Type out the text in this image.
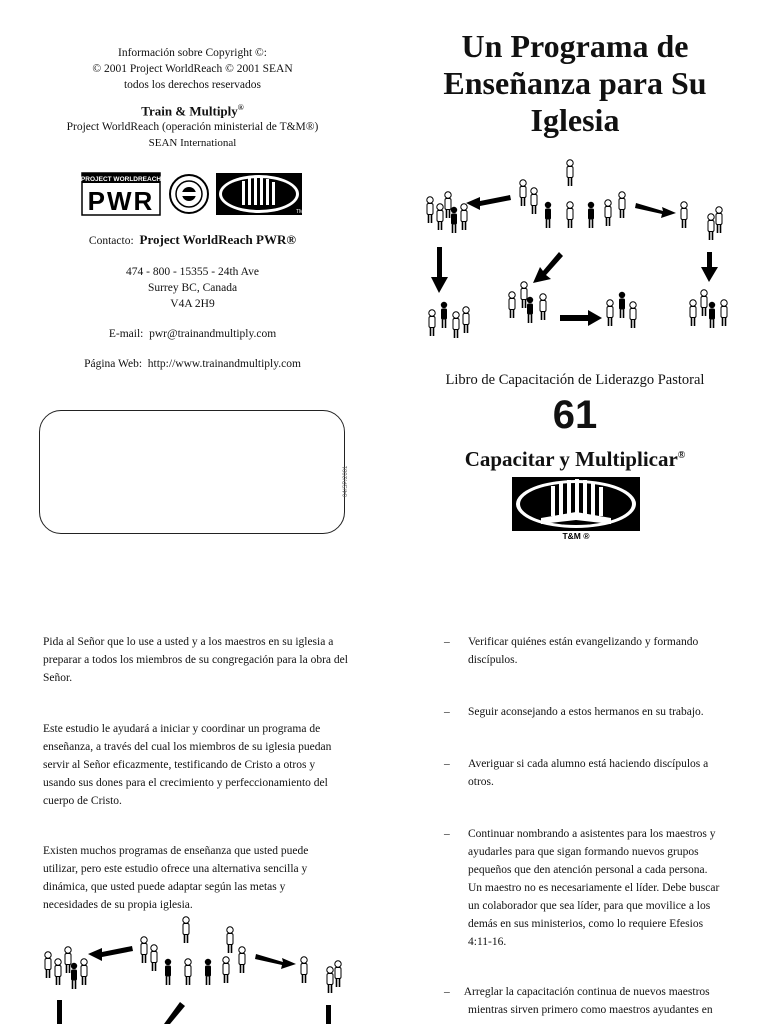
Información sobre Copyright ©:
© 2001 Project WorldReach © 2001 SEAN
todos los derechos reservados
Train & Multiply®
Project WorldReach (operación ministerial de T&M®)
SEAN International
PROJECT WORLDREACH
PWR	TM
Contacto: Project WorldReach PWR®
474 - 800 - 15355 - 24th Ave
Surrey BC, Canada
V4A 2H9
E-mail: pwr@trainandmultiply.com
Página Web: http://www.trainandmultiply.com
04/SP/2001
Un Programa de
Enseñanza para Su
Iglesia
Libro de Capacitación de Liderazgo Pastoral
61
Capacitar y Multiplicar®
T&M ®
Pida al Señor que lo use a usted y a los maestros en su iglesia a preparar a todos los miembros de su congregación para la obra del Señor.
Este estudio le ayudará a iniciar y coordinar un programa de enseñanza, a través del cual los miembros de su iglesia puedan servir al Señor eficazmente, testificando de Cristo a otros y usando sus dones para el crecimiento y perfeccionamiento del cuerpo de Cristo.
Existen muchos programas de enseñanza que usted puede utilizar, pero este estudio ofrece una alternativa sencilla y dinámica, que usted puede adaptar según las metas y necesidades de su propia iglesia.
– Verificar quiénes están evangelizando y formando discípulos.
– Seguir aconsejando a estos hermanos en su trabajo.
– Averiguar si cada alumno está haciendo discípulos a otros.
– Continuar nombrando a asistentes para los maestros y ayudarles para que sigan formando nuevos grupos pequeños que den atención personal a cada persona. Un maestro no es necesariamente el líder. Debe buscar un colaborador que sea líder, para que movilice a los demás en sus ministerios, como lo requiere Efesios 4:11-16.
– Arreglar la capacitación continua de nuevos maestros mientras sirven primero como maestros ayudantes en
